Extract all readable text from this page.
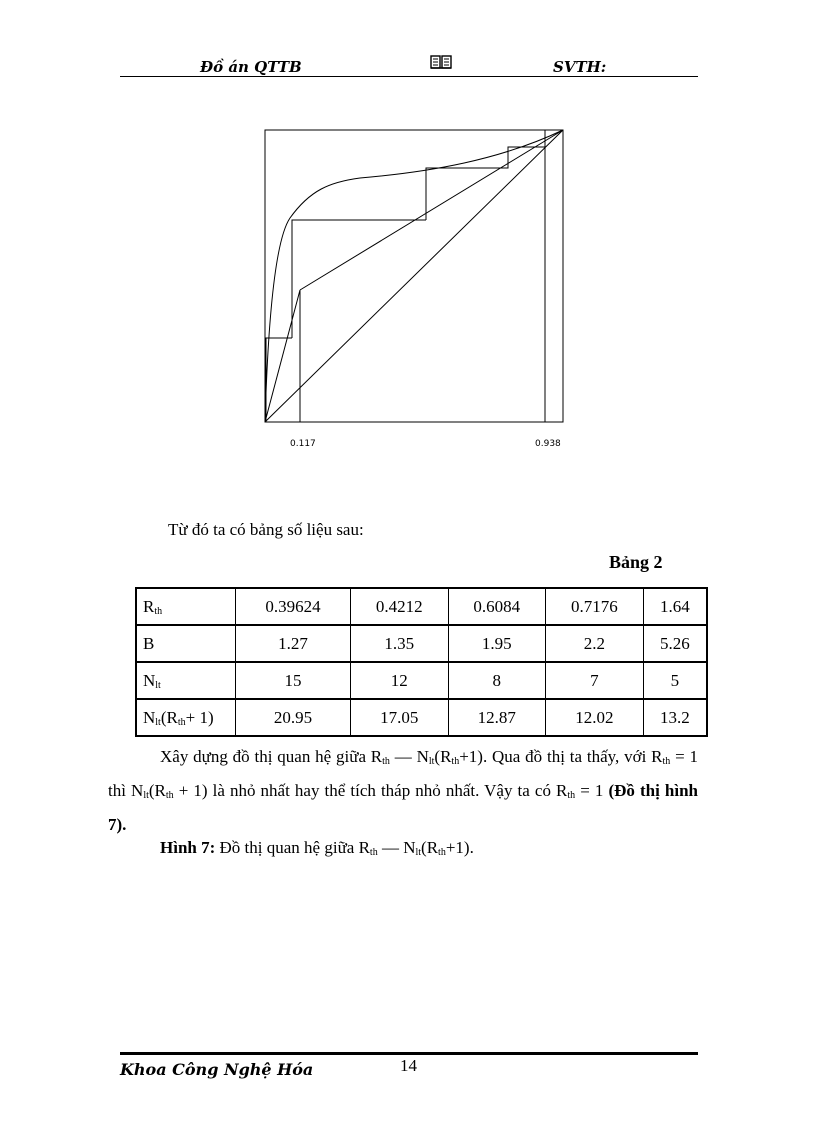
Đồ án QTTB	SVTH:
0.117	0.938
Từ đó ta có bảng số liệu sau:
Bảng 2
$R_{th}$	0.39624	0.4212	0.6084	0.7176	1.64
B	1.27	1.35	1.95	2.2	5.26
$N_{lt}$	15	12	8	7	5
$N_{lt}(R_{th}+ 1)$	20.95	17.05	12.87	12.02	13.2
Xây dựng đồ thị quan hệ giữa $R_{th}$ — $N_{lt}(R_{th}+1)$. Qua đồ thị ta thấy, với $R_{th} = 1$ thì $N_{lt}(R_{th} + 1)$ là nhỏ nhất hay thể tích tháp nhỏ nhất. Vậy ta có $R_{th} = 1$ (Đồ thị hình 7).
Hình 7: Đồ thị quan hệ giữa $R_{th}$ — $N_{lt}(R_{th}+1)$.
Khoa Công Nghệ Hóa	14
